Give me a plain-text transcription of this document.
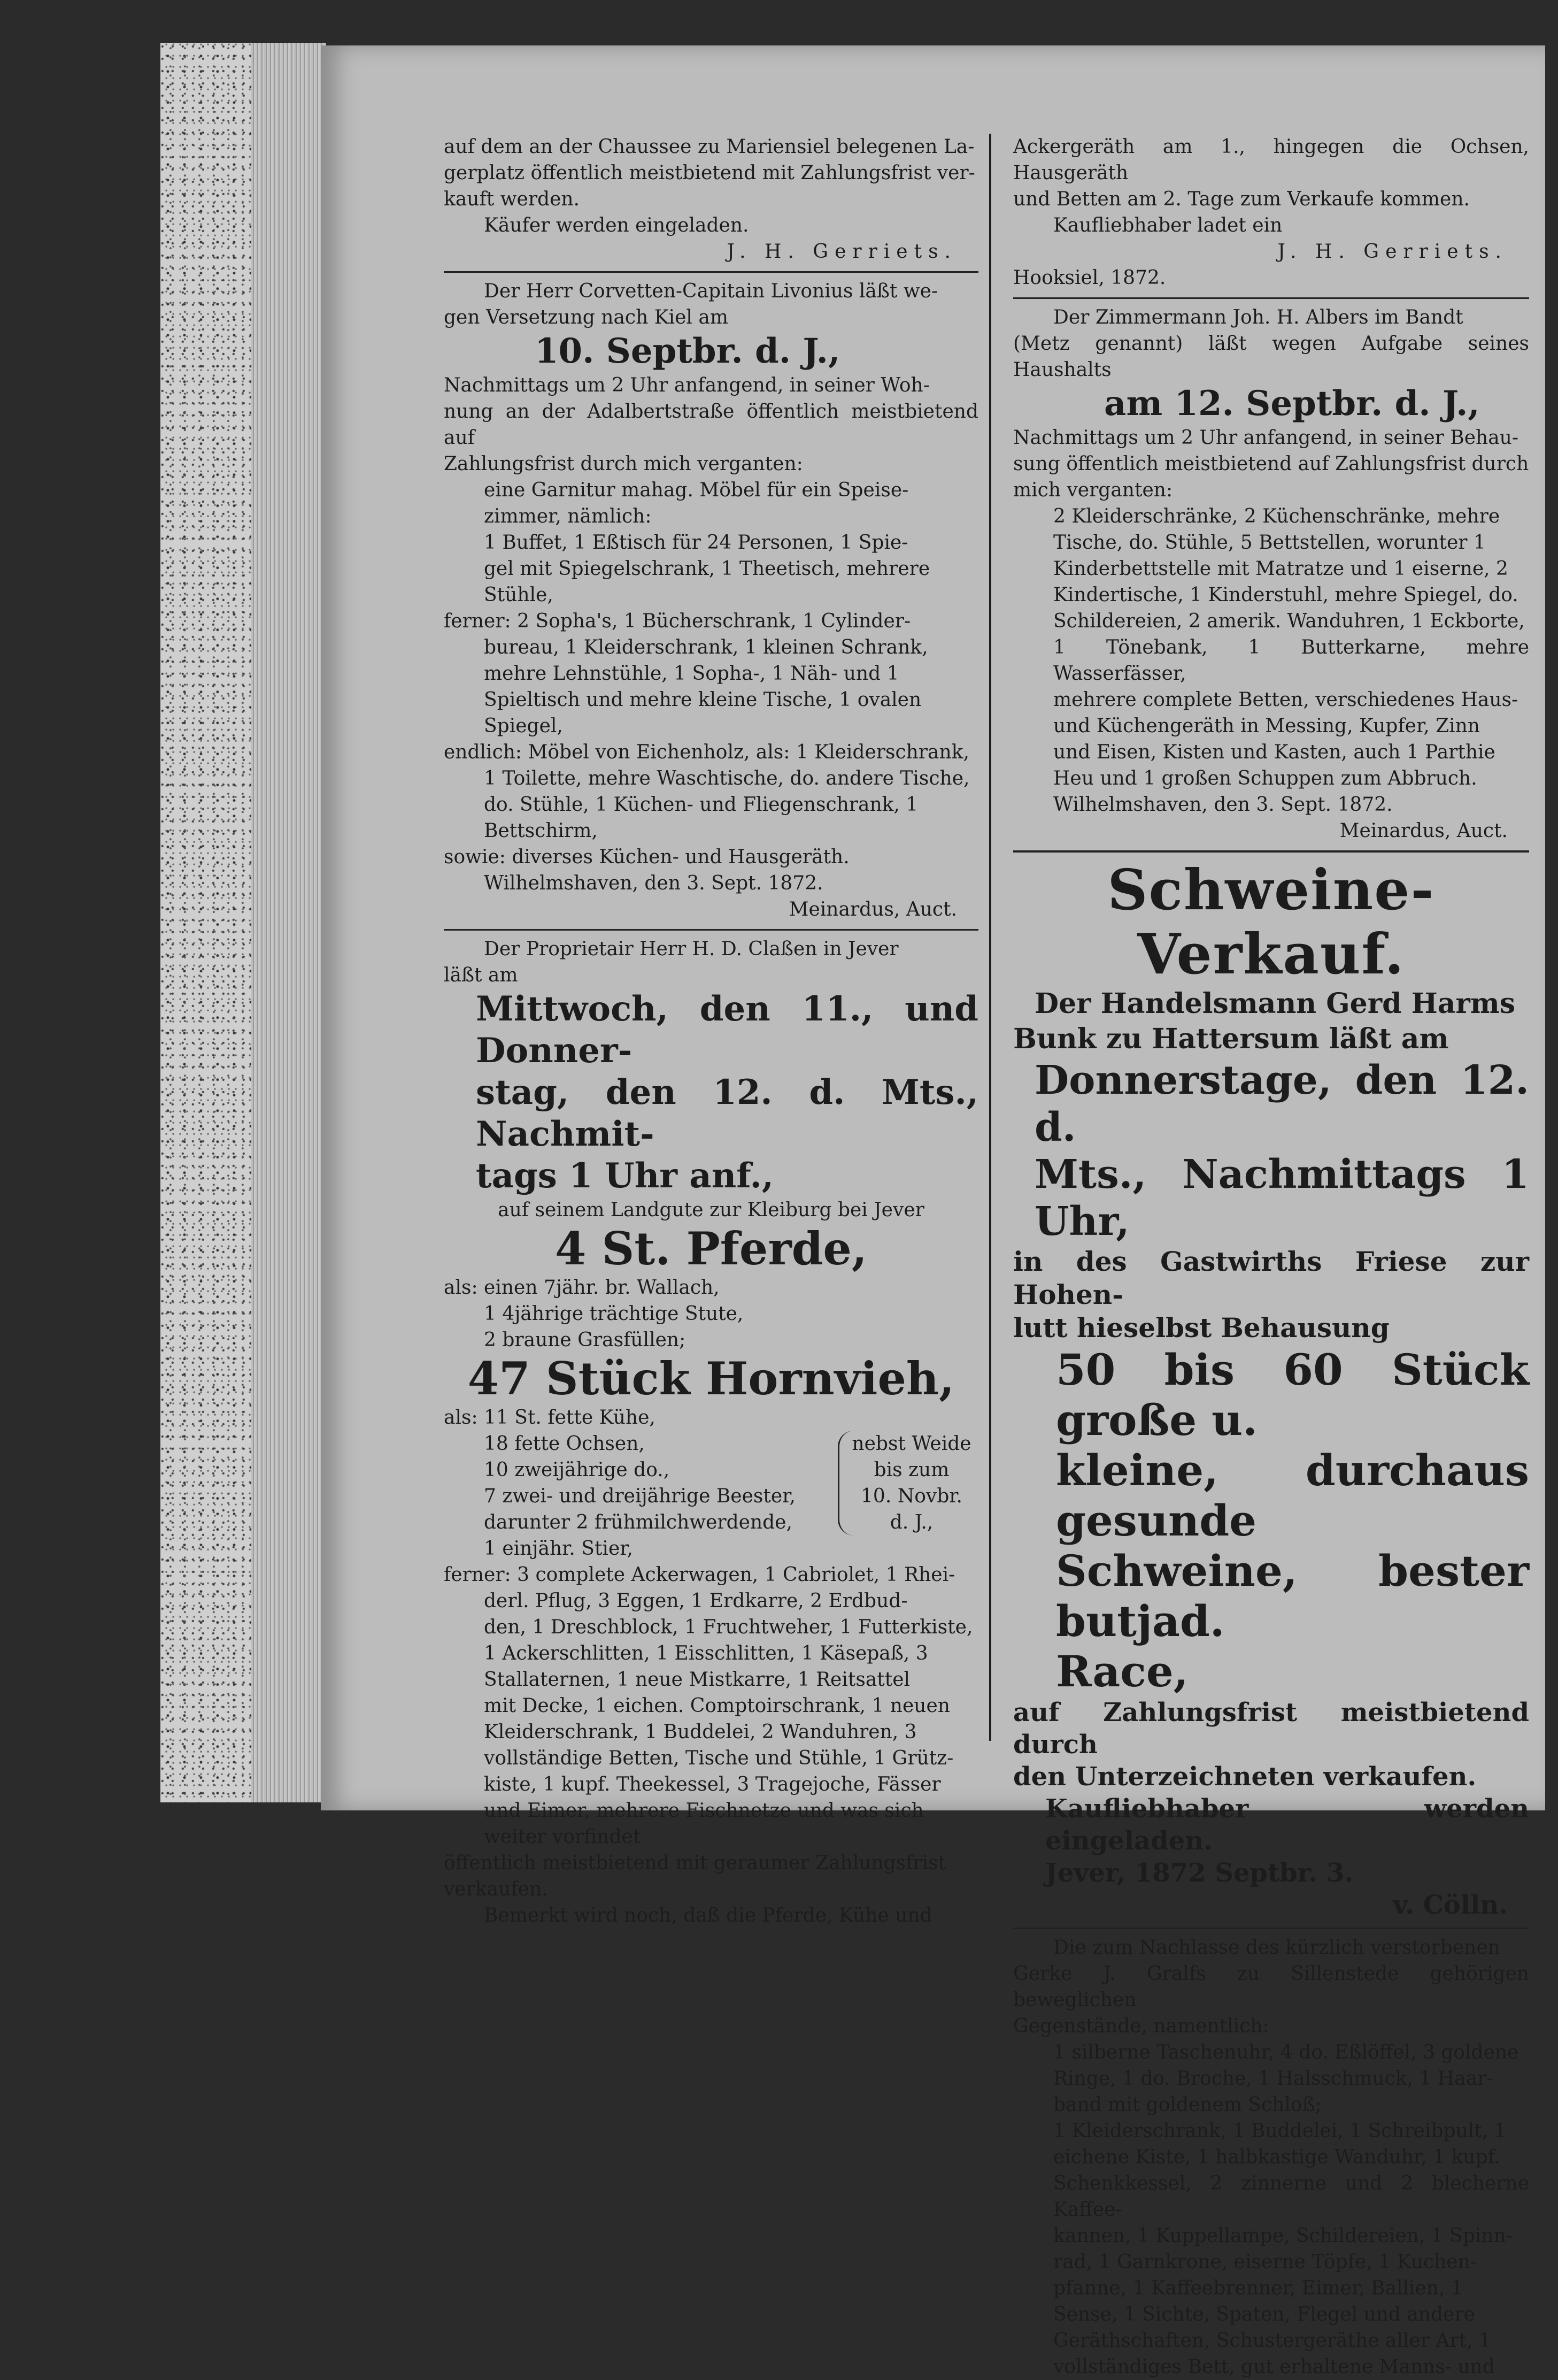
auf dem an der Chaussee zu Mariensiel belegenen La-

gerplatz öffentlich meistbietend mit Zahlungsfrist ver-

kauft werden.

Käufer werden eingeladen.

J. H. Gerriets.

Der Herr Corvetten-Capitain Livonius läßt we-

gen Versetzung nach Kiel am

10. Septbr. d. J.,

Nachmittags um 2 Uhr anfangend, in seiner Woh-

nung an der Adalbertstraße öffentlich meistbietend auf

Zahlungsfrist durch mich verganten:

eine Garnitur mahag. Möbel für ein Speise-

zimmer, nämlich:

1 Buffet, 1 Eßtisch für 24 Personen, 1 Spie-

gel mit Spiegelschrank, 1 Theetisch, mehrere

Stühle,

ferner: 2 Sopha's, 1 Bücherschrank, 1 Cylinder-

bureau, 1 Kleiderschrank, 1 kleinen Schrank,

mehre Lehnstühle, 1 Sopha-, 1 Näh- und 1

Spieltisch und mehre kleine Tische, 1 ovalen

Spiegel,

endlich: Möbel von Eichenholz, als: 1 Kleiderschrank,

1 Toilette, mehre Waschtische, do. andere Tische,

do. Stühle, 1 Küchen- und Fliegenschrank, 1

Bettschirm,

sowie: diverses Küchen- und Hausgeräth.

Wilhelmshaven, den 3. Sept. 1872.

Meinardus, Auct.

Der Proprietair Herr H. D. Claßen in Jever

läßt am

Mittwoch, den 11., und Donner-

stag, den 12. d. Mts., Nachmit-

tags 1 Uhr anf.,

auf seinem Landgute zur Kleiburg bei Jever

4 St. Pferde,

als: einen 7jähr. br. Wallach,

1 4jährige trächtige Stute,

2 braune Grasfüllen;

47 Stück Hornvieh,

als: 11 St. fette Kühe,

18 fette Ochsen,

10 zweijährige do.,

7 zwei- und dreijährige Beester,

darunter 2 frühmilchwerdende,

1 einjähr. Stier,

nebst Weide

bis zum

10. Novbr.

d. J.,

ferner: 3 complete Ackerwagen, 1 Cabriolet, 1 Rhei-

derl. Pflug, 3 Eggen, 1 Erdkarre, 2 Erdbud-

den, 1 Dreschblock, 1 Fruchtweher, 1 Futterkiste,

1 Ackerschlitten, 1 Eisschlitten, 1 Käsepaß, 3

Stallaternen, 1 neue Mistkarre, 1 Reitsattel

mit Decke, 1 eichen. Comptoirschrank, 1 neuen

Kleiderschrank, 1 Buddelei, 2 Wanduhren, 3

vollständige Betten, Tische und Stühle, 1 Grütz-

kiste, 1 kupf. Theekessel, 3 Tragejoche, Fässer

und Eimer, mehrere Fischnetze und was sich

weiter vorfindet

öffentlich meistbietend mit geraumer Zahlungsfrist

verkaufen.

Bemerkt wird noch, daß die Pferde, Kühe und

Ackergeräth am 1., hingegen die Ochsen, Hausgeräth

und Betten am 2. Tage zum Verkaufe kommen.

Kaufliebhaber ladet ein

J. H. Gerriets.

Hooksiel, 1872.

Der Zimmermann Joh. H. Albers im Bandt

(Metz genannt) läßt wegen Aufgabe seines Haushalts

am 12. Septbr. d. J.,

Nachmittags um 2 Uhr anfangend, in seiner Behau-

sung öffentlich meistbietend auf Zahlungsfrist durch

mich verganten:

2 Kleiderschränke, 2 Küchenschränke, mehre

Tische, do. Stühle, 5 Bettstellen, worunter 1

Kinderbettstelle mit Matratze und 1 eiserne, 2

Kindertische, 1 Kinderstuhl, mehre Spiegel, do.

Schildereien, 2 amerik. Wanduhren, 1 Eckborte,

1 Tönebank, 1 Butterkarne, mehre Wasserfässer,

mehrere complete Betten, verschiedenes Haus-

und Küchengeräth in Messing, Kupfer, Zinn

und Eisen, Kisten und Kasten, auch 1 Parthie

Heu und 1 großen Schuppen zum Abbruch.

Wilhelmshaven, den 3. Sept. 1872.

Meinardus, Auct.

Schweine-Verkauf.

Der Handelsmann Gerd Harms

Bunk zu Hattersum läßt am

Donnerstage, den 12. d.

Mts., Nachmittags 1 Uhr,

in des Gastwirths Friese zur Hohen-

lutt hieselbst Behausung

50 bis 60 Stück große u.

kleine, durchaus gesunde

Schweine, bester butjad.

Race,

auf Zahlungsfrist meistbietend durch

den Unterzeichneten verkaufen.

Kaufliebhaber werden eingeladen.

Jever, 1872 Septbr. 3.

v. Cölln.

Die zum Nachlasse des kürzlich verstorbenen

Gerke J. Gralfs zu Sillenstede gehörigen beweglichen

Gegenstände, namentlich:

1 silberne Taschenuhr, 4 do. Eßlöffel, 3 goldene

Ringe, 1 do. Broche, 1 Halsschmuck, 1 Haar-

band mit goldenem Schloß;

1 Kleiderschrank, 1 Buddelei, 1 Schreibpult, 1

eichene Kiste, 1 halbkastige Wanduhr, 1 kupf.

Schenkkessel, 2 zinnerne und 2 blecherne Kaffee-

kannen, 1 Kuppellampe, Schildereien, 1 Spinn-

rad, 1 Garnkrone, eiserne Töpfe, 1 Kuchen-

pfanne, 1 Kaffeebrenner, Eimer, Ballien, 1

Sense, 1 Sichte, Spaten, Flegel und andere

Geräthschaften, Schustergeräthe aller Art, 1

vollständiges Bett, gut erhaltene Manns- und
